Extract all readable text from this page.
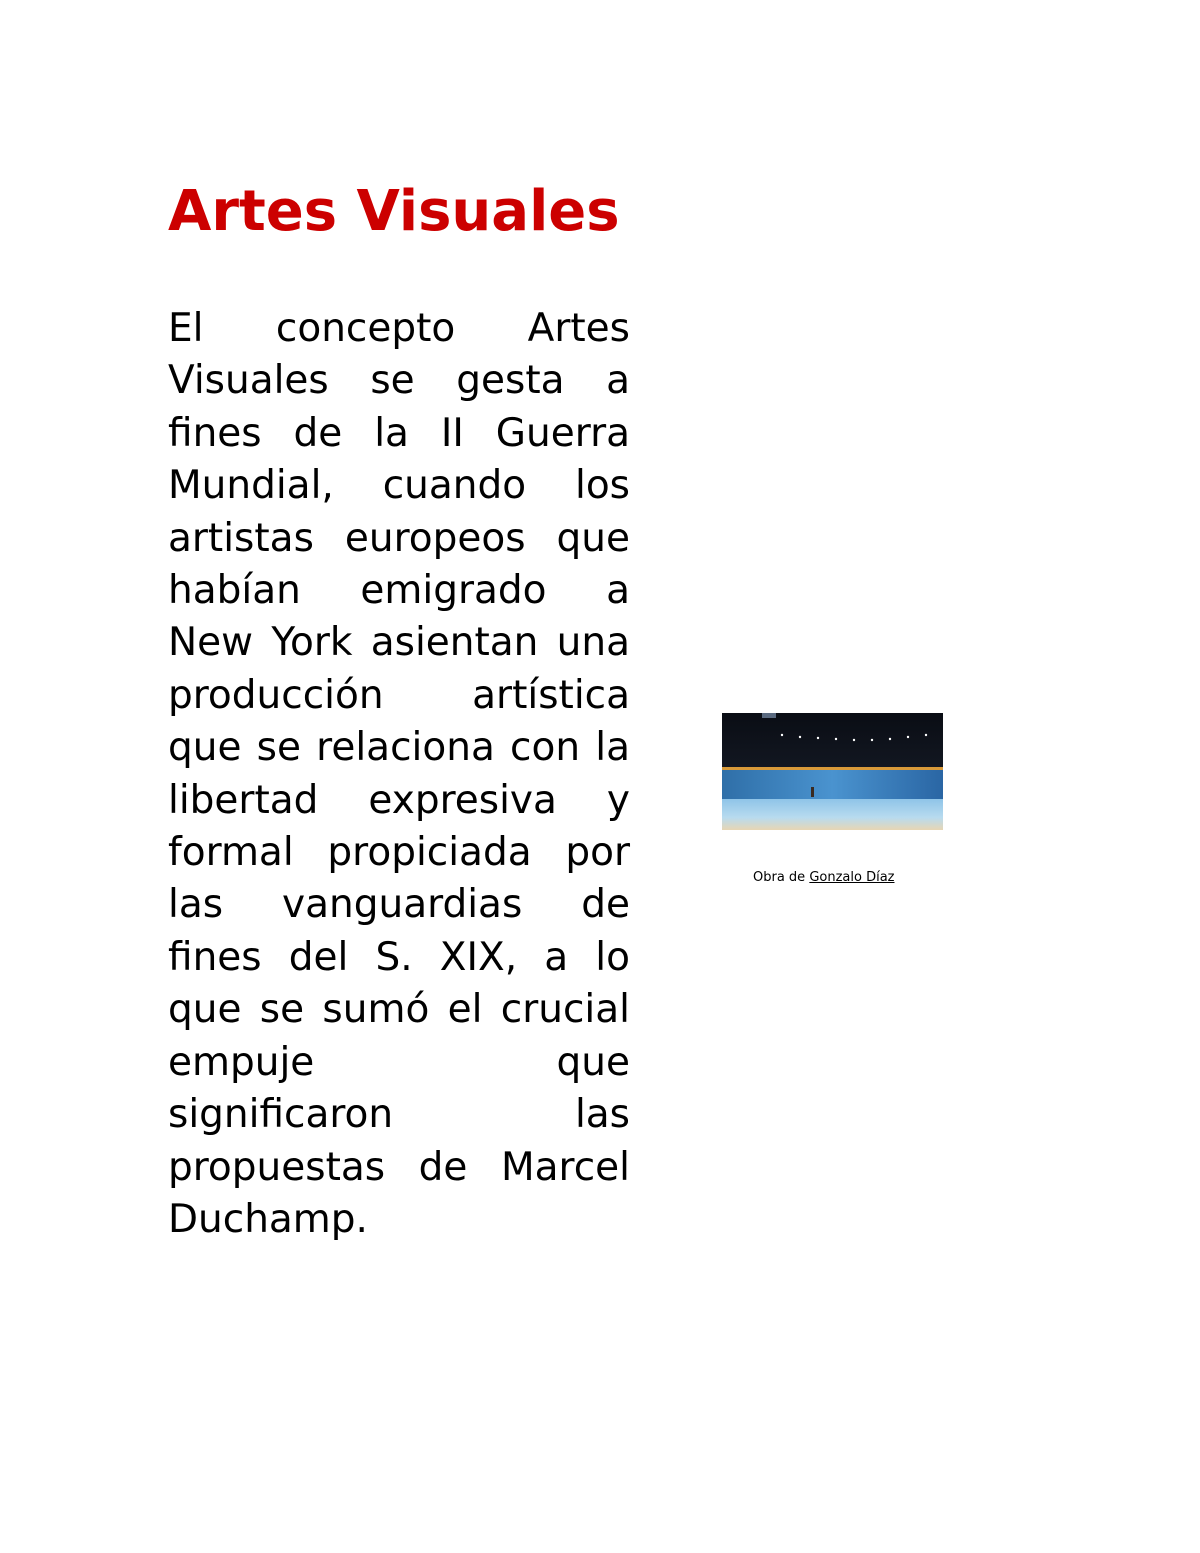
Artes Visuales

El concepto Artes Visuales se gesta a fines de la II Guerra Mundial, cuando los artistas europeos que habían emigrado a New York asientan una producción artística que se relaciona con la libertad expresiva y formal propiciada por las vanguardias de fines del S. XIX, a lo que se sumó el crucial empuje que significaron las propuestas de Marcel Duchamp.

Obra de Gonzalo Díaz
